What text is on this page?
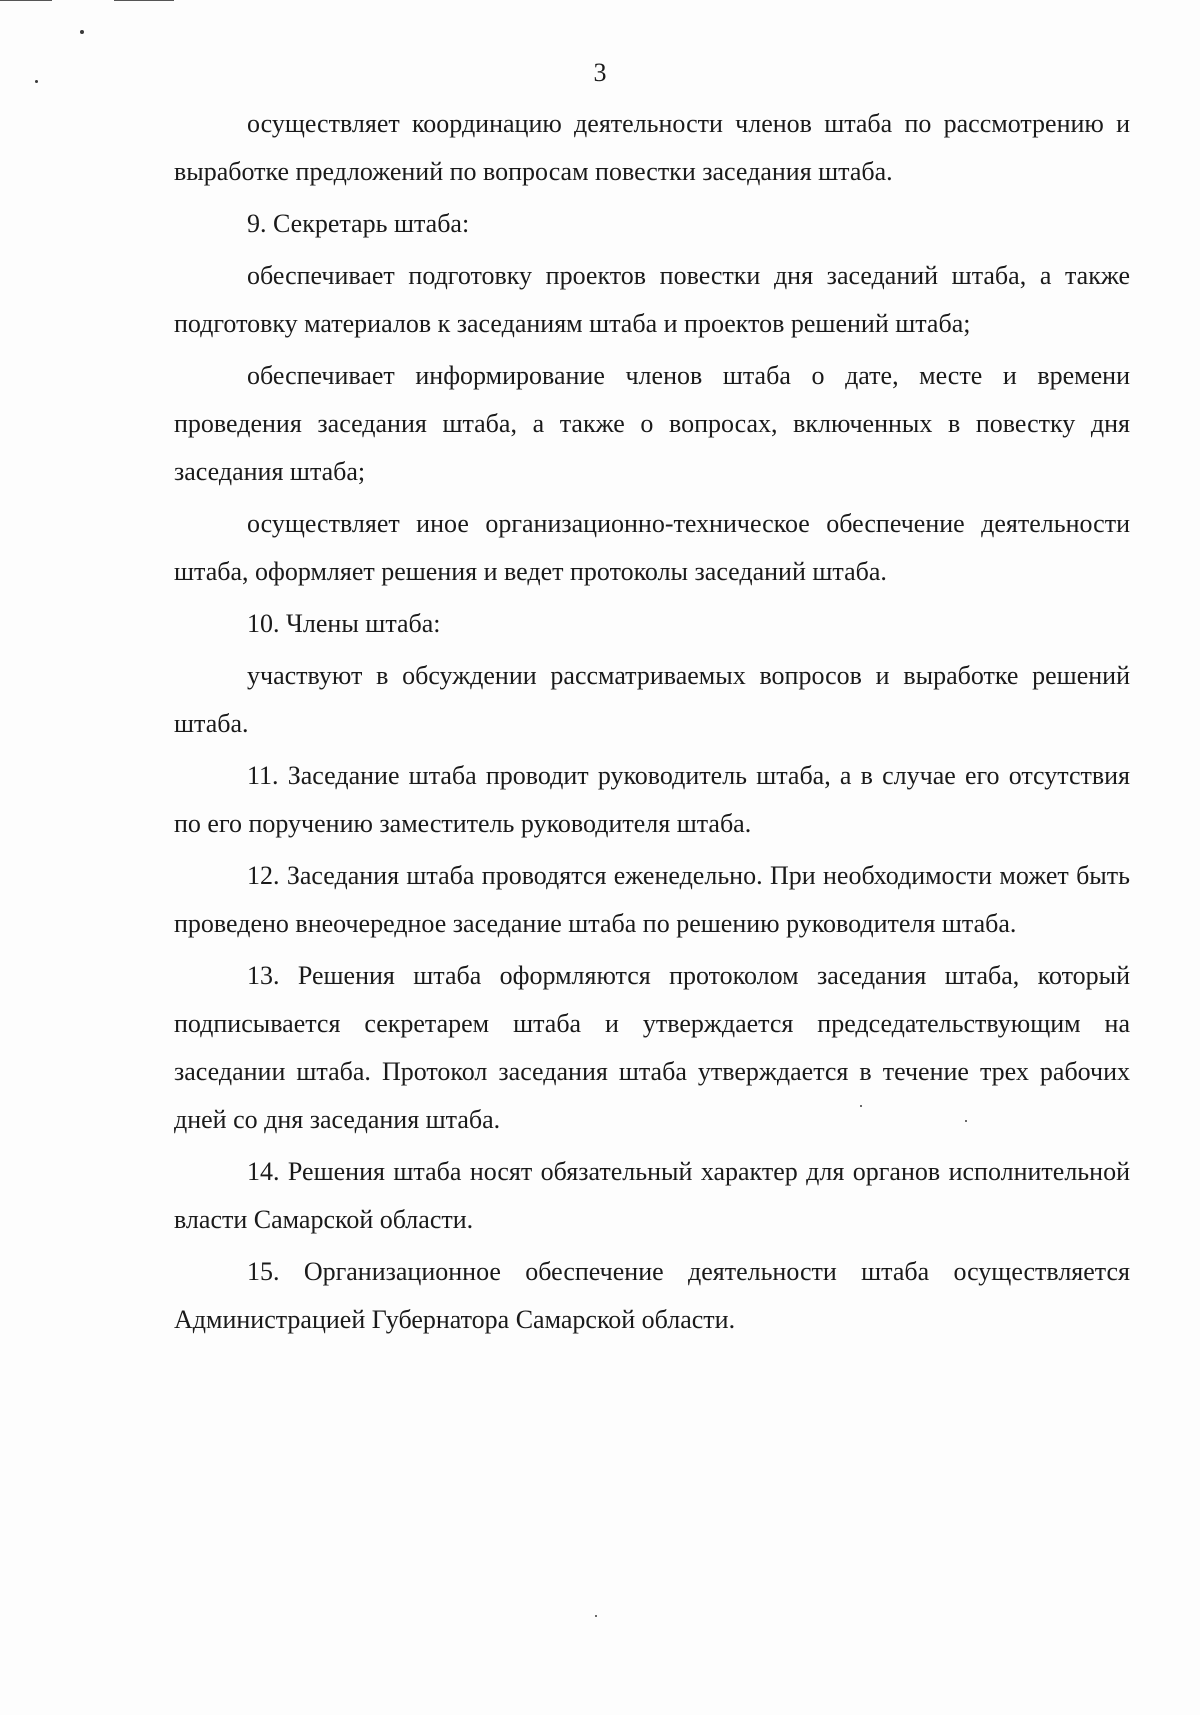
3

осуществляет координацию деятельности членов штаба по рассмотрению и выработке предложений по вопросам повестки заседания штаба.

9. Секретарь штаба:

обеспечивает подготовку проектов повестки дня заседаний штаба, а также подготовку материалов к заседаниям штаба и проектов решений штаба;

обеспечивает информирование членов штаба о дате, месте и времени проведения заседания штаба, а также о вопросах, включенных в повестку дня заседания штаба;

осуществляет иное организационно-техническое обеспечение деятельности штаба, оформляет решения и ведет протоколы заседаний штаба.

10. Члены штаба:

участвуют в обсуждении рассматриваемых вопросов и выработке решений штаба.

11. Заседание штаба проводит руководитель штаба, а в случае его отсутствия по его поручению заместитель руководителя штаба.

12. Заседания штаба проводятся еженедельно. При необходимости может быть проведено внеочередное заседание штаба по решению руководителя штаба.

13. Решения штаба оформляются протоколом заседания штаба, который подписывается секретарем штаба и утверждается председательствующим на заседании штаба. Протокол заседания штаба утверждается в течение трех рабочих дней со дня заседания штаба.

14. Решения штаба носят обязательный характер для органов исполнительной власти Самарской области.

15. Организационное обеспечение деятельности штаба осуществляется Администрацией Губернатора Самарской области.
